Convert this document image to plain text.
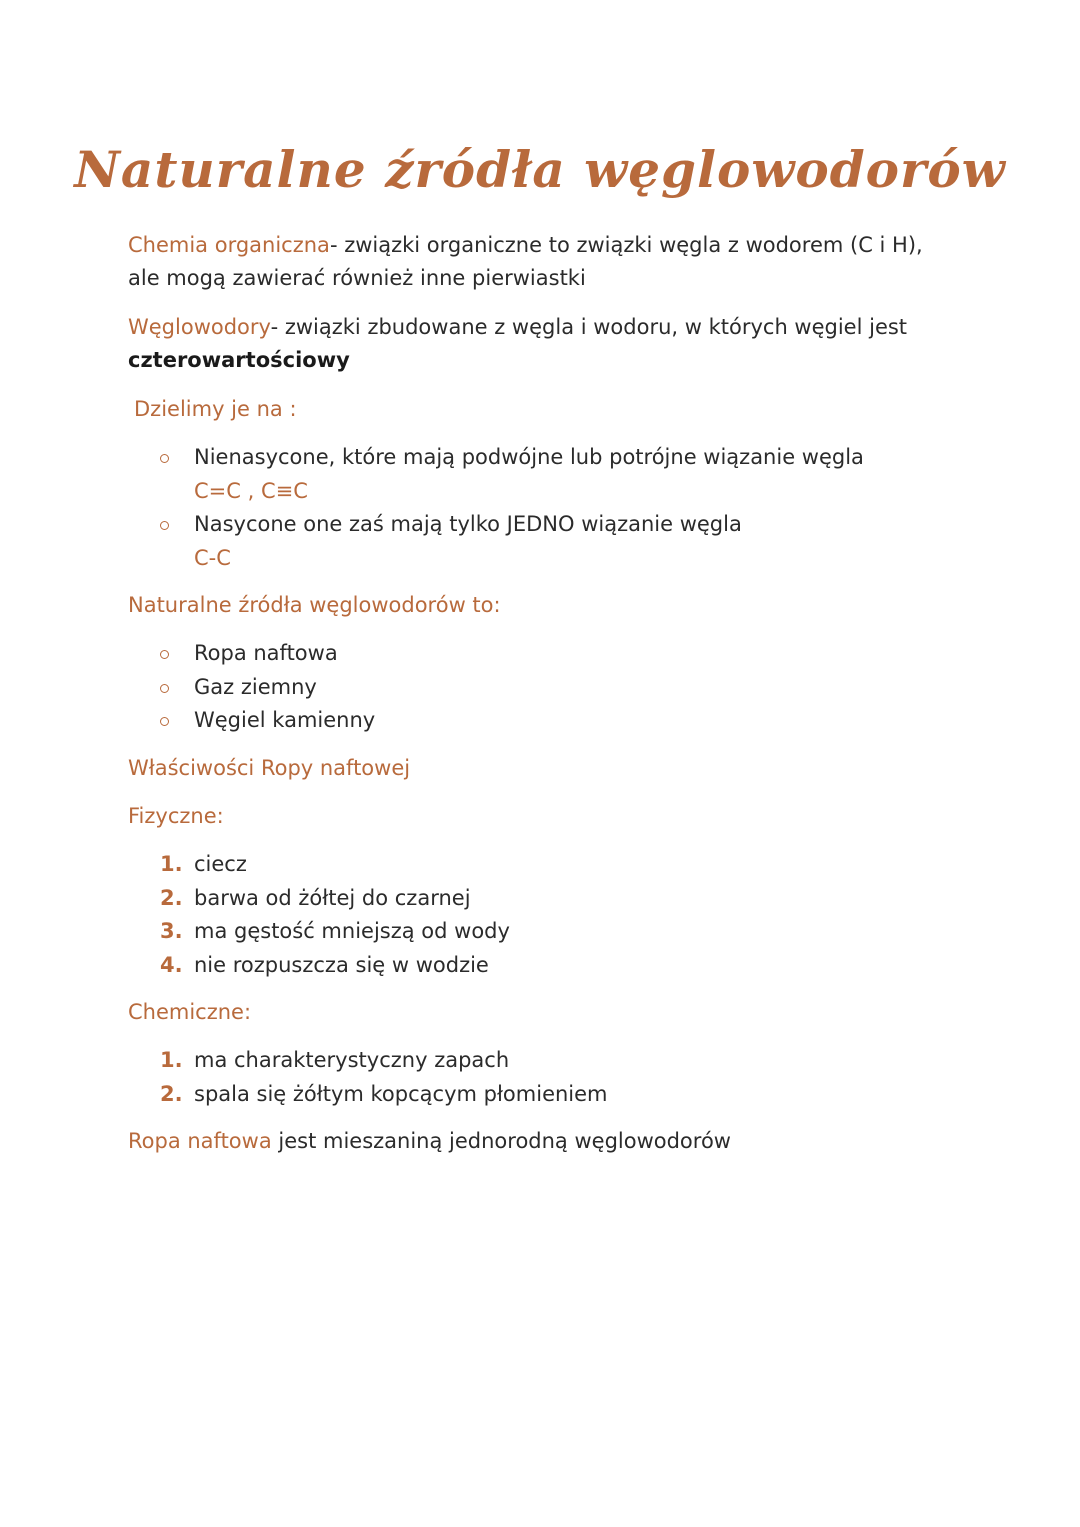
Naturalne źródła węglowodorów

Chemia organiczna- związki organiczne to związki węgla z wodorem (C i H), ale mogą zawierać również inne pierwiastki

Węglowodory- związki zbudowane z węgla i wodoru, w których węgiel jest czterowartościowy

Dzielimy je na :

Nienasycone, które mają podwójne lub potrójne wiązanie węgla
C=C , C≡C
Nasycone one zaś mają tylko JEDNO wiązanie węgla
C-C

Naturalne źródła węglowodorów to:

Ropa naftowa
Gaz ziemny
Węgiel kamienny

Właściwości Ropy naftowej

Fizyczne:

1. ciecz
2. barwa od żółtej do czarnej
3. ma gęstość mniejszą od wody
4. nie rozpuszcza się w wodzie

Chemiczne:

1. ma charakterystyczny zapach
2. spala się żółtym kopcącym płomieniem

Ropa naftowa jest mieszaniną jednorodną węglowodorów
